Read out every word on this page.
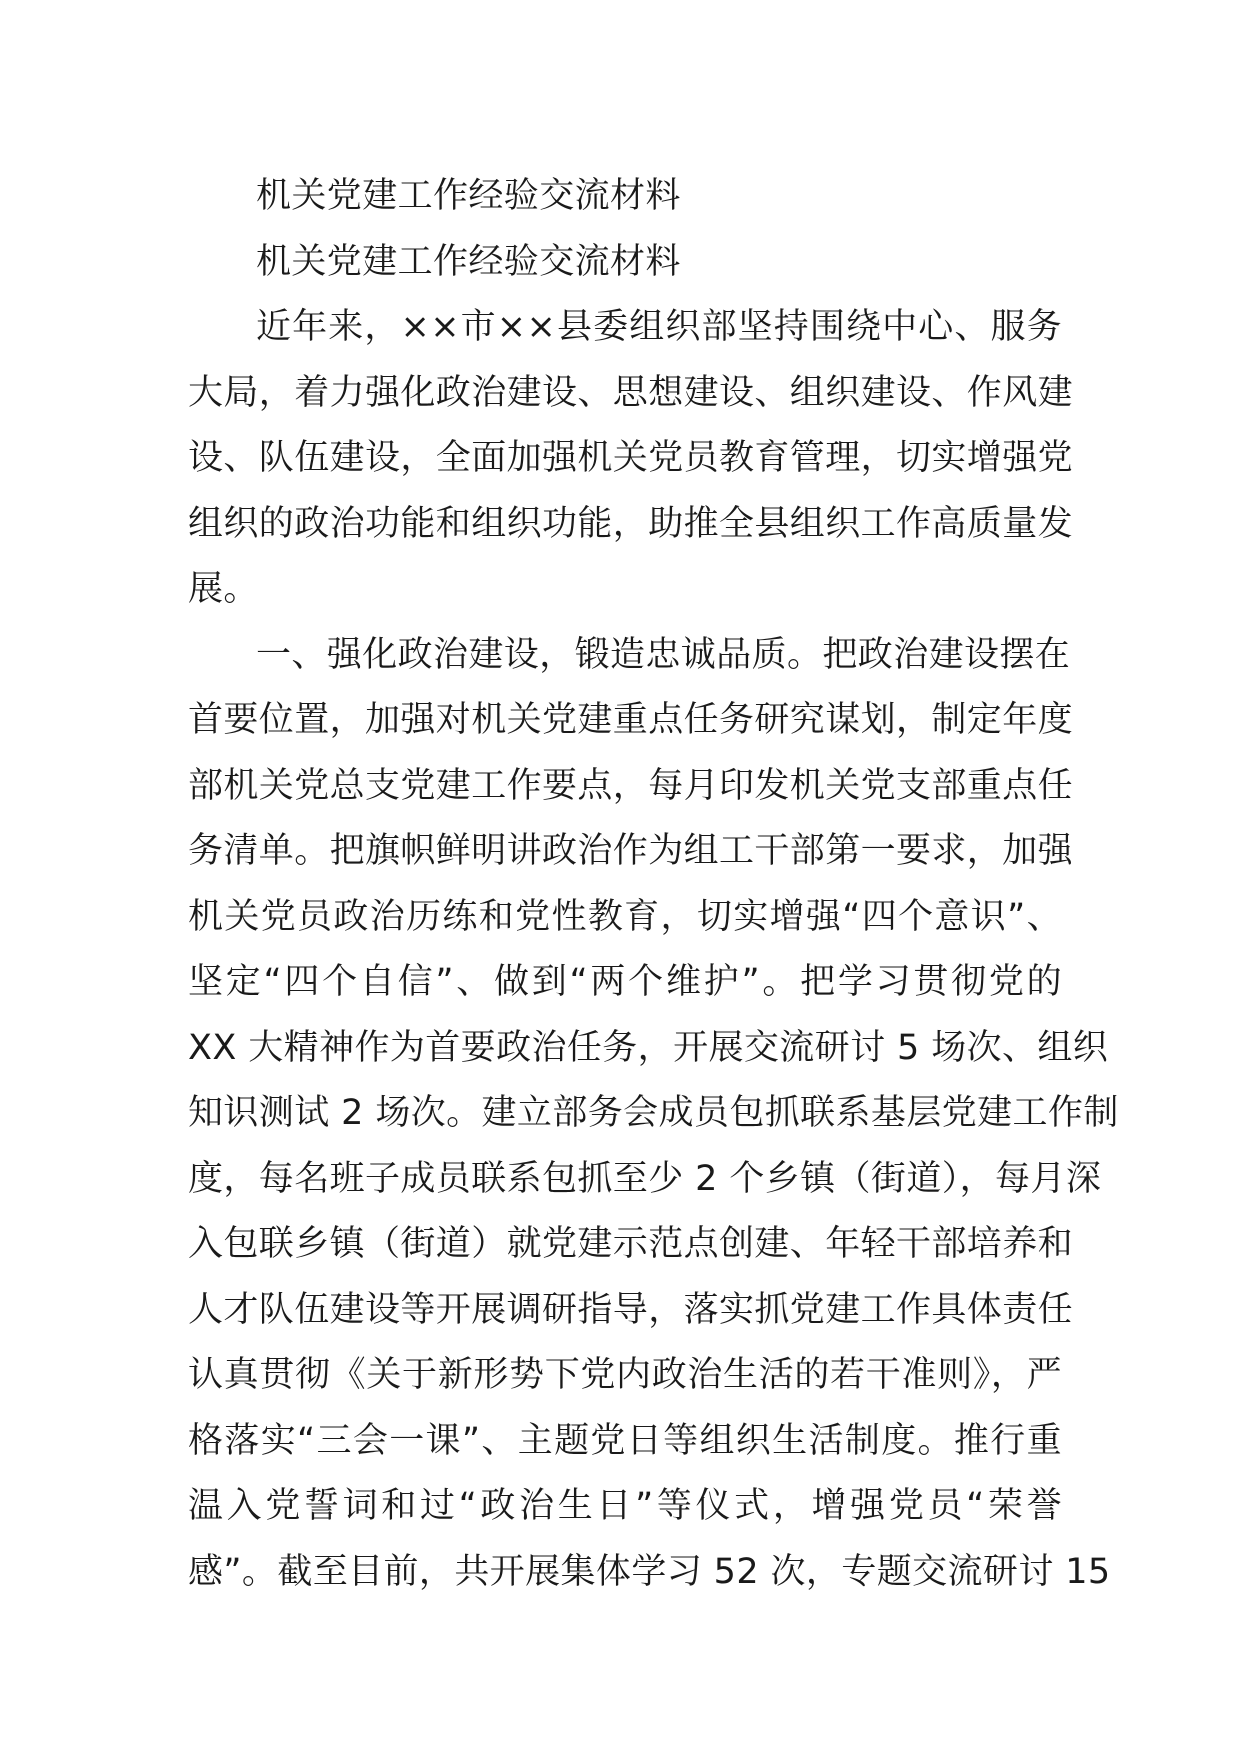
机关党建工作经验交流材料
机关党建工作经验交流材料
近年来，××市××县委组织部坚持围绕中心、服务
大局，着力强化政治建设、思想建设、组织建设、作风建
设、队伍建设，全面加强机关党员教育管理，切实增强党
组织的政治功能和组织功能，助推全县组织工作高质量发
展。
一、强化政治建设，锻造忠诚品质。把政治建设摆在
首要位置，加强对机关党建重点任务研究谋划，制定年度
部机关党总支党建工作要点，每月印发机关党支部重点任
务清单。把旗帜鲜明讲政治作为组工干部第一要求，加强
机关党员政治历练和党性教育，切实增强“四个意识”、
坚定“四个自信”、做到“两个维护”。把学习贯彻党的
XX 大精神作为首要政治任务，开展交流研讨 5 场次、组织
知识测试 2 场次。建立部务会成员包抓联系基层党建工作制
度，每名班子成员联系包抓至少 2 个乡镇（街道），每月深
入包联乡镇（街道）就党建示范点创建、年轻干部培养和
人才队伍建设等开展调研指导，落实抓党建工作具体责任
认真贯彻《关于新形势下党内政治生活的若干准则》，严
格落实“三会一课”、主题党日等组织生活制度。推行重
温入党誓词和过“政治生日”等仪式，增强党员“荣誉
感”。截至目前，共开展集体学习 52 次，专题交流研讨 15
